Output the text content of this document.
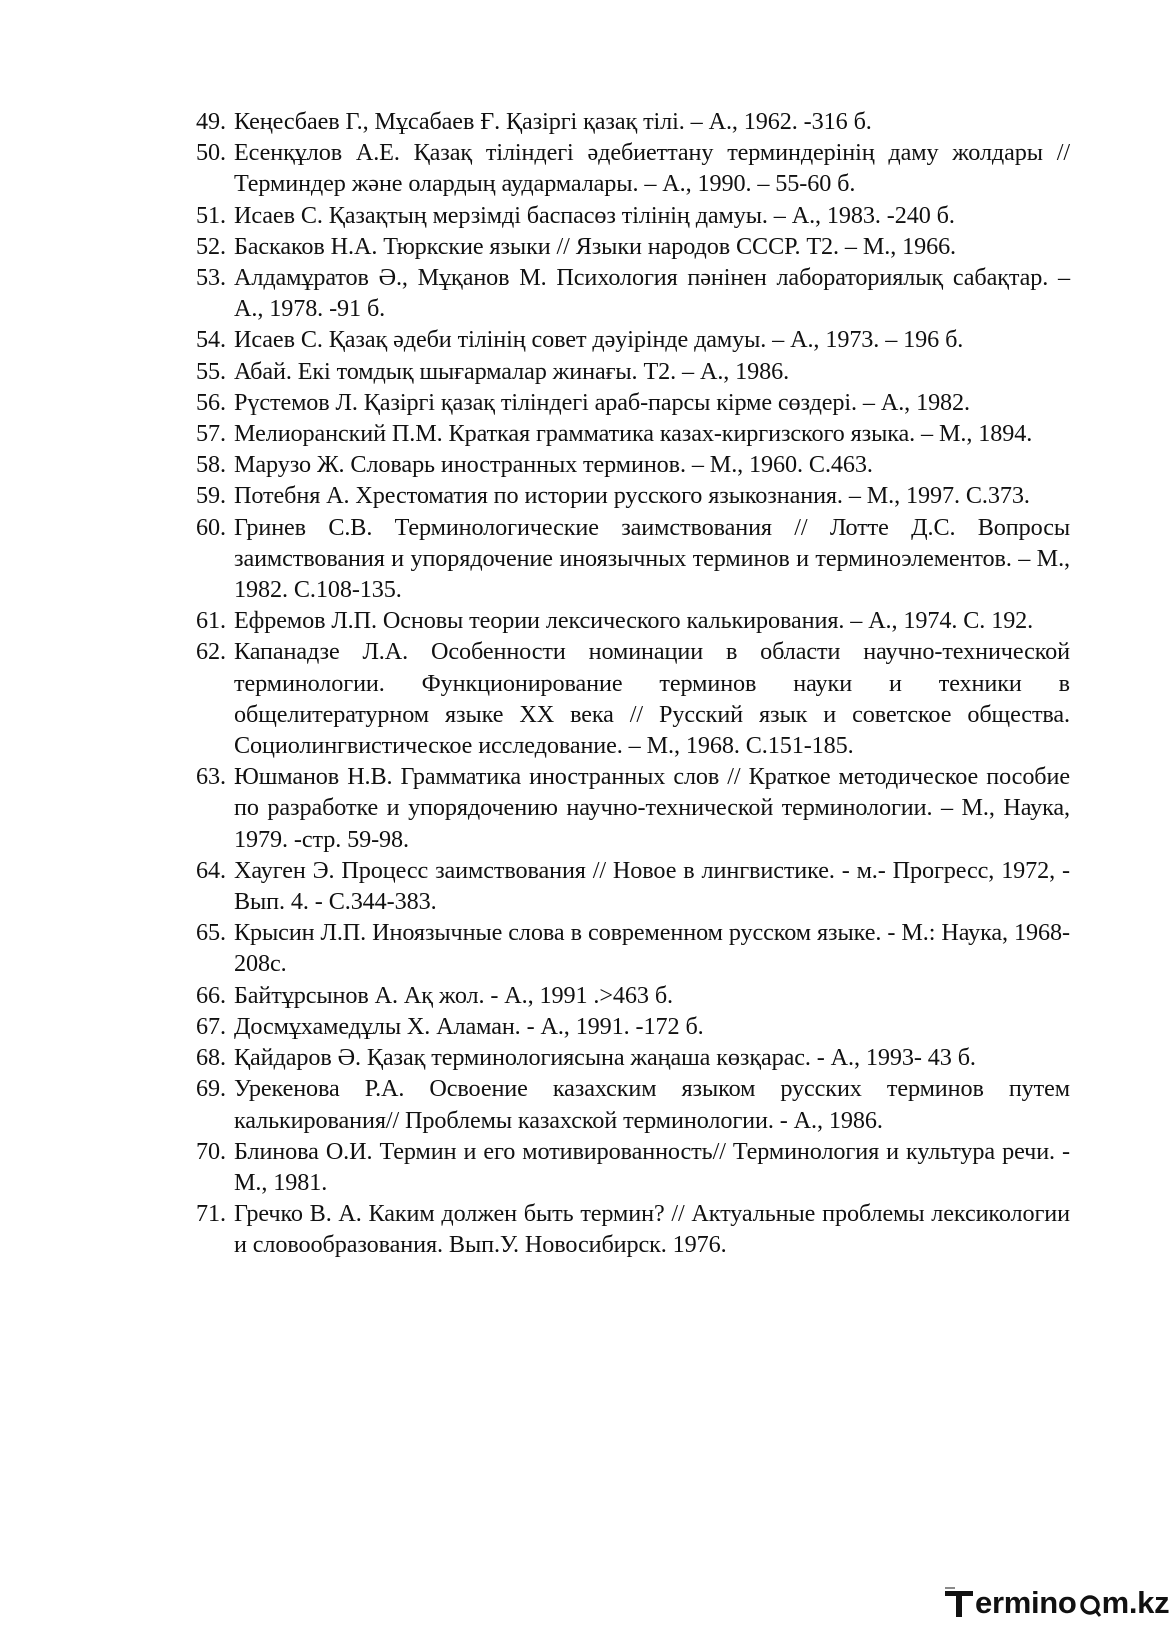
49. Кеңесбаев Г., Мұсабаев Ғ. Қазіргі қазақ тілі. – А., 1962. -316 б.
50. Есенқұлов А.Е. Қазақ тіліндегі әдебиеттану терминдерінің даму жолдары // Терминдер және олардың аудармалары. – А., 1990. – 55-60 б.
51. Исаев С. Қазақтың мерзімді баспасөз тілінің дамуы. – А., 1983. -240 б.
52. Баскаков Н.А. Тюркские языки // Языки народов СССР. Т2. – М., 1966.
53. Алдамұратов Ә., Мұқанов М. Психология пәнінен лабораториялық сабақтар. – А., 1978. -91 б.
54. Исаев С. Қазақ әдеби тілінің совет дәуірінде дамуы. – А., 1973. – 196 б.
55. Абай. Екі томдық шығармалар жинағы. Т2. – А., 1986.
56. Рүстемов Л. Қазіргі қазақ тіліндегі араб-парсы кірме сөздері. – А., 1982.
57. Мелиоранский П.М. Краткая грамматика казах-киргизского языка. – М., 1894.
58. Марузо Ж. Словарь иностранных терминов. – М., 1960. С.463.
59. Потебня А. Хрестоматия по истории русского языкознания. – М., 1997. С.373.
60. Гринев С.В. Терминологические заимствования // Лотте Д.С. Вопросы заимствования и упорядочение иноязычных терминов и терминоэлементов. – М., 1982. С.108-135.
61. Ефремов Л.П. Основы теории лексического калькирования. – А., 1974. С. 192.
62. Капанадзе Л.А. Особенности номинации в области научно-технической терминологии. Функционирование терминов науки и техники в общелитературном языке XX века // Русский язык и советское общества. Социолингвистическое исследование. – М., 1968. С.151-185.
63. Юшманов Н.В. Грамматика иностранных слов // Краткое методическое пособие по разработке и упорядочению научно-технической терминологии. – М., Наука, 1979. -стр. 59-98.
64. Хауген Э. Процесс заимствования // Новое в лингвистике. - м.- Прогресс, 1972, - Вып. 4. - С.344-383.
65. Крысин Л.П. Иноязычные слова в современном русском языке. - М.: Наука, 1968-208с.
66. Байтұрсынов А. Ақ жол. - А., 1991 .>463 б.
67. Досмұхамедұлы Х. Аламан. - А., 1991. -172 б.
68. Қайдаров Ә. Қазақ терминологиясына жаңаша көзқарас. - А., 1993- 43 б.
69. Урекенова Р.А. Освоение казахским языком русских терминов путем калькирования// Проблемы казахской терминологии. - А., 1986.
70. Блинова О.И. Термин и его мотивированность// Терминология и культура речи. - М., 1981.
71. Гречко В. А. Каким должен быть термин? // Актуальные проблемы лексикологии и словообразования. Вып.У. Новосибирск. 1976.
ermino m.kz
